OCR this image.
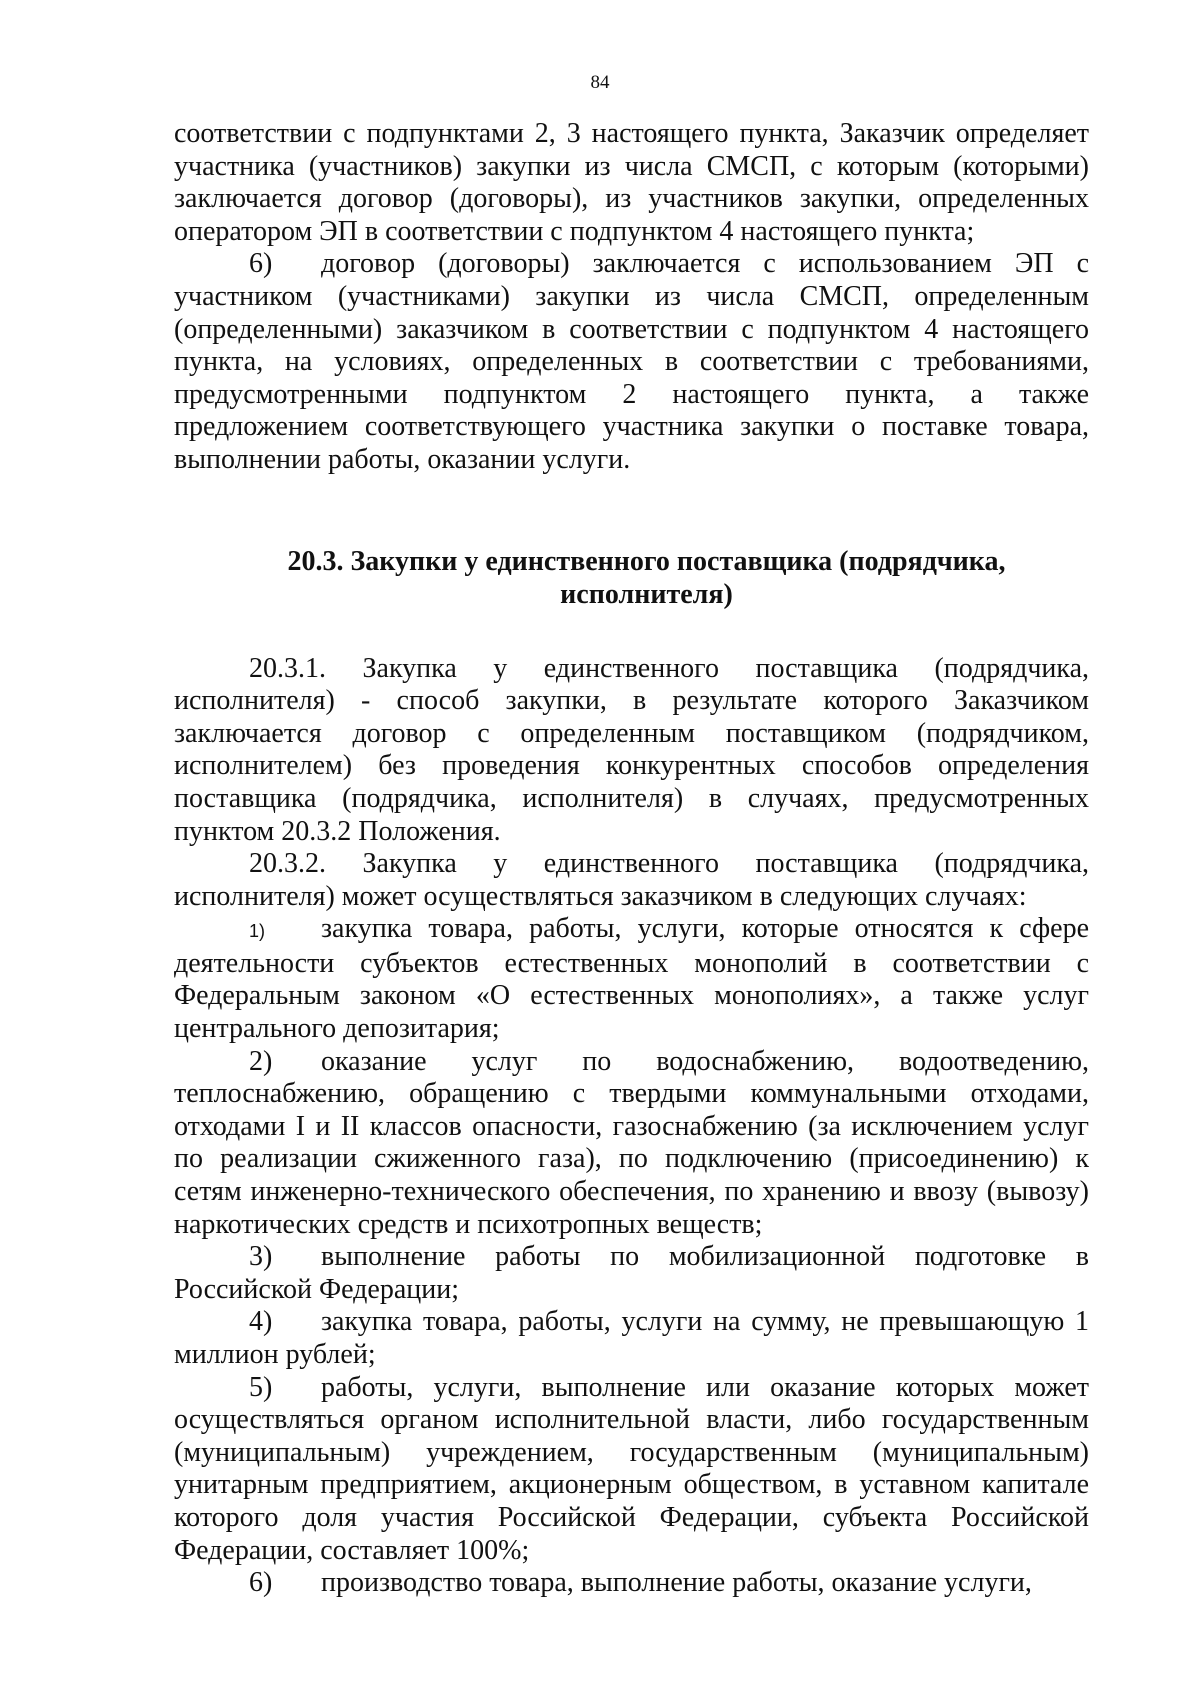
84

соответствии с подпунктами 2, 3 настоящего пункта, Заказчик определяет участника (участников) закупки из числа СМСП, с которым (которыми) заключается договор (договоры), из участников закупки, определенных оператором ЭП в соответствии с подпунктом 4 настоящего пункта;

6) договор (договоры) заключается с использованием ЭП с участником (участниками) закупки из числа СМСП, определенным (определенными) заказчиком в соответствии с подпунктом 4 настоящего пункта, на условиях, определенных в соответствии с требованиями, предусмотренными подпунктом 2 настоящего пункта, а также предложением соответствующего участника закупки о поставке товара, выполнении работы, оказании услуги.

20.3. Закупки у единственного поставщика (подрядчика,
исполнителя)

20.3.1. Закупка у единственного поставщика (подрядчика, исполнителя) - способ закупки, в результате которого Заказчиком заключается договор с определенным поставщиком (подрядчиком, исполнителем) без проведения конкурентных способов определения поставщика (подрядчика, исполнителя) в случаях, предусмотренных пунктом 20.3.2 Положения.

20.3.2. Закупка у единственного поставщика (подрядчика, исполнителя) может осуществляться заказчиком в следующих случаях:

1) закупка товара, работы, услуги, которые относятся к сфере деятельности субъектов естественных монополий в соответствии с Федеральным законом «О естественных монополиях», а также услуг центрального депозитария;

2) оказание услуг по водоснабжению, водоотведению, теплоснабжению, обращению с твердыми коммунальными отходами, отходами I и II классов опасности, газоснабжению (за исключением услуг по реализации сжиженного газа), по подключению (присоединению) к сетям инженерно-технического обеспечения, по хранению и ввозу (вывозу) наркотических средств и психотропных веществ;

3) выполнение работы по мобилизационной подготовке в Российской Федерации;

4) закупка товара, работы, услуги на сумму, не превышающую 1 миллион рублей;

5) работы, услуги, выполнение или оказание которых может осуществляться органом исполнительной власти, либо государственным (муниципальным) учреждением, государственным (муниципальным) унитарным предприятием, акционерным обществом, в уставном капитале которого доля участия Российской Федерации, субъекта Российской Федерации, составляет 100%;

6) производство товара, выполнение работы, оказание услуги,
